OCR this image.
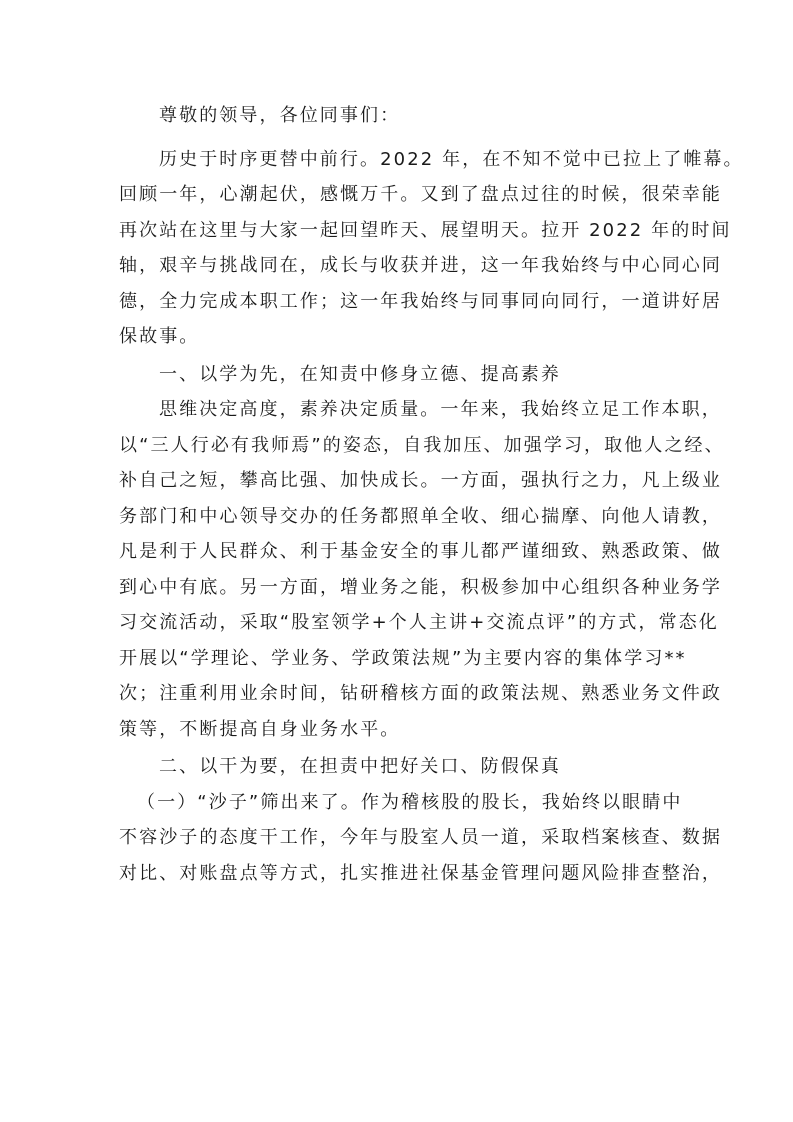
尊敬的领导，各位同事们：

历史于时序更替中前行。2022 年，在不知不觉中已拉上了帷幕。
回顾一年，心潮起伏，感慨万千。又到了盘点过往的时候，很荣幸能
再次站在这里与大家一起回望昨天、展望明天。拉开 2022 年的时间
轴，艰辛与挑战同在，成长与收获并进，这一年我始终与中心同心同
德，全力完成本职工作；这一年我始终与同事同向同行，一道讲好居
保故事。

一、以学为先，在知责中修身立德、提高素养

思维决定高度，素养决定质量。一年来，我始终立足工作本职，
以“三人行必有我师焉”的姿态，自我加压、加强学习，取他人之经、
补自己之短，攀高比强、加快成长。一方面，强执行之力，凡上级业
务部门和中心领导交办的任务都照单全收、细心揣摩、向他人请教，
凡是利于人民群众、利于基金安全的事儿都严谨细致、熟悉政策、做
到心中有底。另一方面，增业务之能，积极参加中心组织各种业务学
习交流活动，采取“股室领学+个人主讲+交流点评”的方式，常态化
开展以“学理论、学业务、学政策法规”为主要内容的集体学习**
次；注重利用业余时间，钻研稽核方面的政策法规、熟悉业务文件政
策等，不断提高自身业务水平。

二、以干为要，在担责中把好关口、防假保真

（一）“沙子”筛出来了。作为稽核股的股长，我始终以眼睛中
不容沙子的态度干工作，今年与股室人员一道，采取档案核查、数据
对比、对账盘点等方式，扎实推进社保基金管理问题风险排查整治，
